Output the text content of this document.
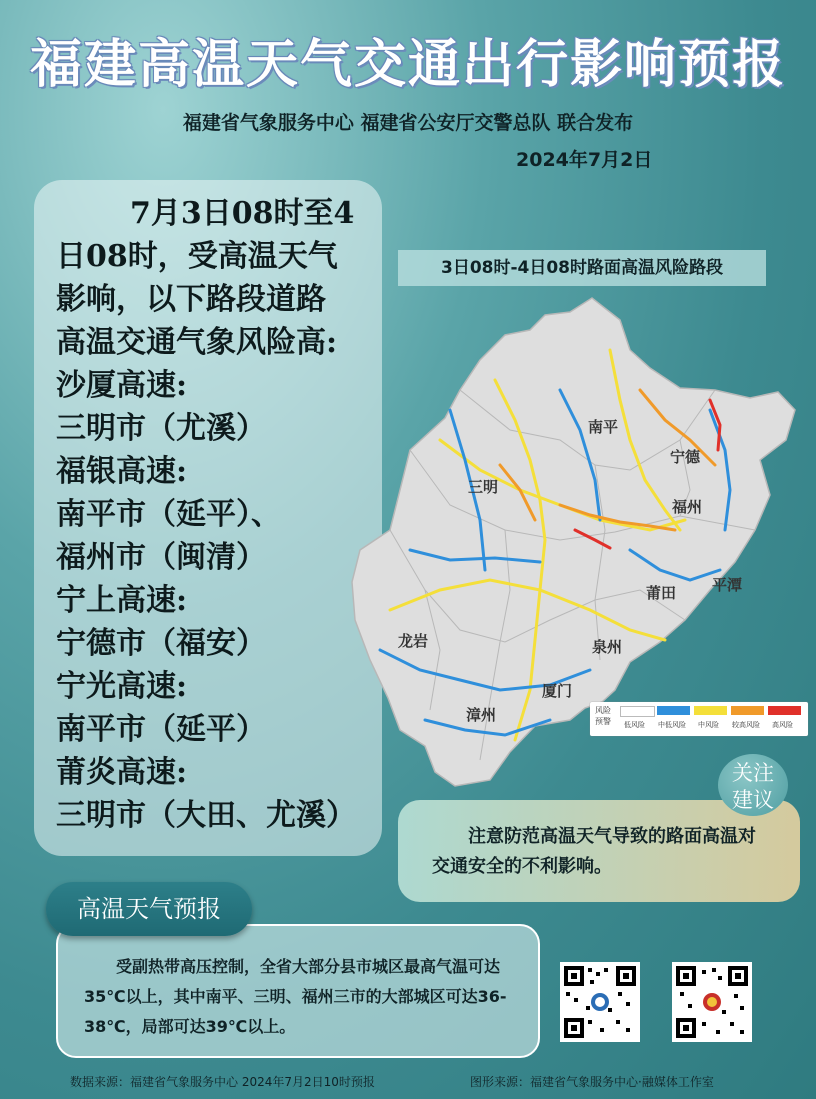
福建高温天气交通出行影响预报
福建省气象服务中心 福建省公安厅交警总队 联合发布
2024年7月2日
7月3日08时至4
日08时，受高温天气
影响，以下路段道路
高温交通气象风险高:
沙厦高速:
三明市（尤溪）
福银高速:
南平市（延平）、
福州市（闽清）
宁上高速:
宁德市（福安）
宁光高速:
南平市（延平）
莆炎高速:
三明市（大田、尤溪）
3日08时-4日08时路面高温风险路段
南平
宁德
三明
福州
莆田 平潭
龙岩	泉州
厦门
漳州	风险预警	低风险 中低风险 中风险 较高风险 高风险
注意防范高温天气导致的路面高温对交通安全的不利影响。
关注建议
受副热带高压控制，全省大部分县市城区最高气温可达35℃以上，其中南平、三明、福州三市的大部城区可达36-38℃，局部可达39℃以上。
高温天气预报
数据来源：福建省气象服务中心 2024年7月2日10时预报	图形来源：福建省气象服务中心·融媒体工作室
